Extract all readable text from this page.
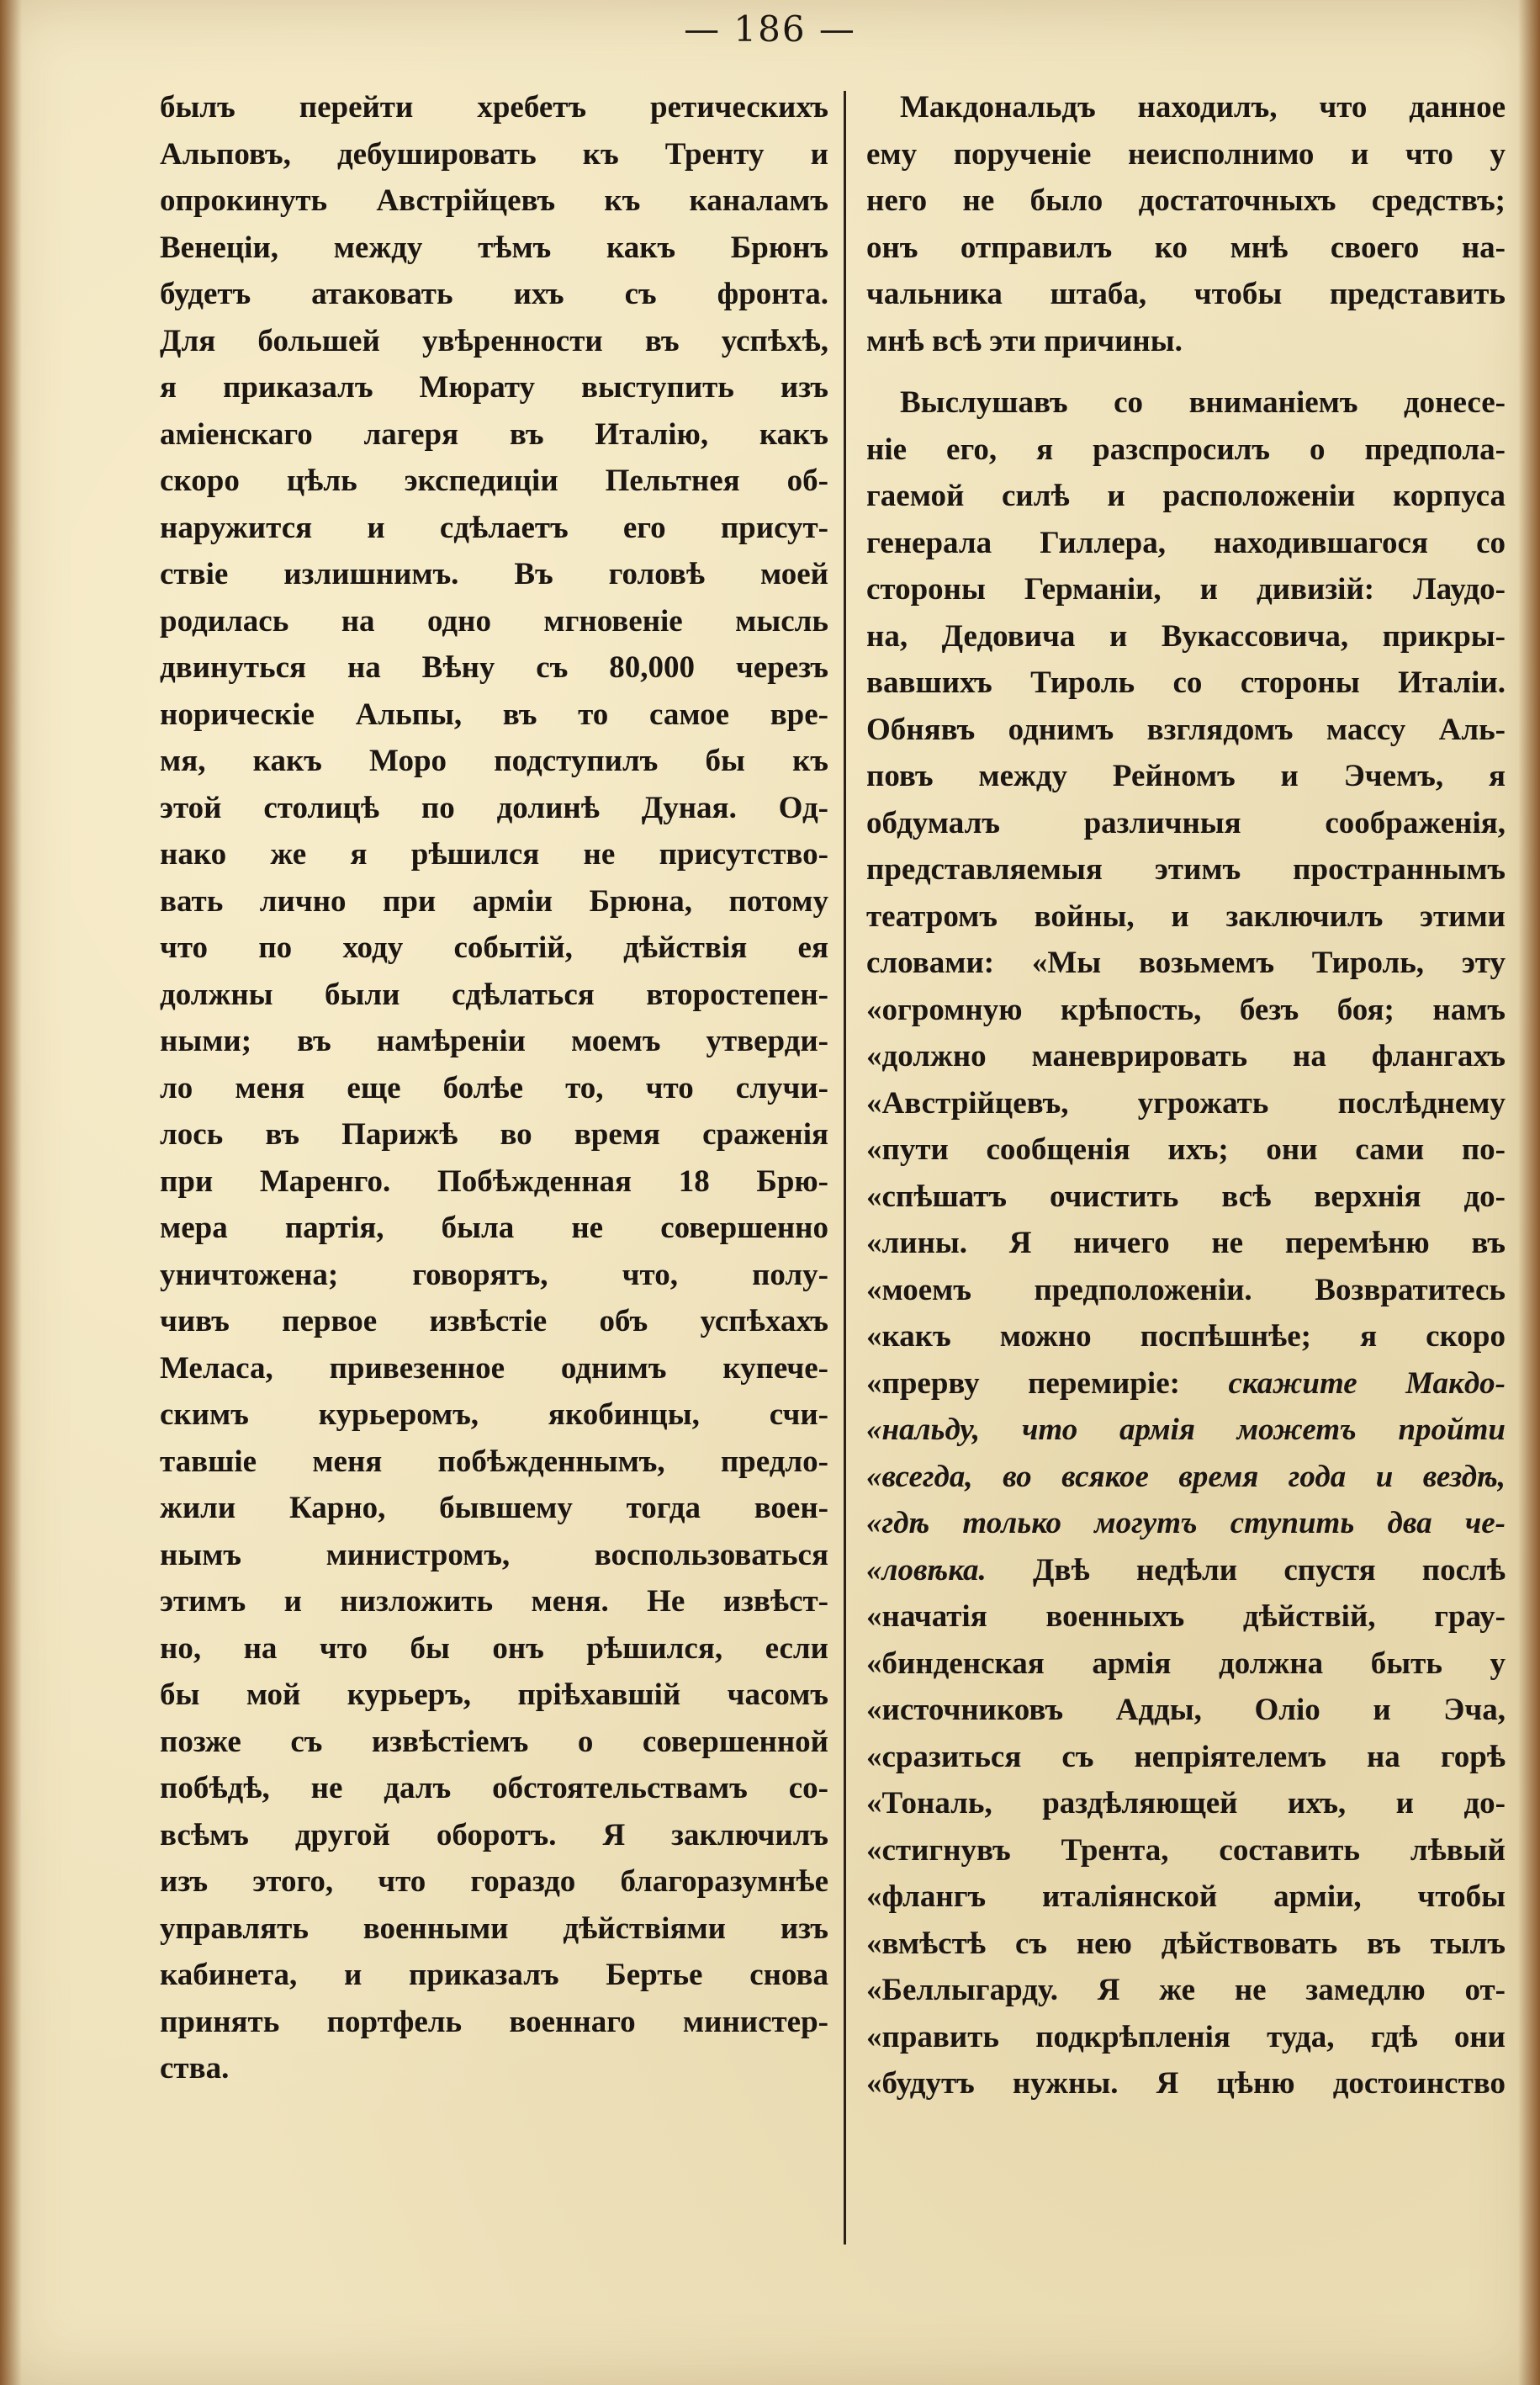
— 186 —
былъ перейти хребетъ ретическихъ
Альповъ, дебушировать къ Тренту и
опрокинуть Австрійцевъ къ каналамъ
Венеціи, между тѣмъ какъ Брюнъ
будетъ атаковать ихъ съ фронта.
Для большей увѣренности въ успѣхѣ,
я приказалъ Мюрату выступить изъ
аміенскаго лагеря въ Италію, какъ
скоро цѣль экспедиціи Пельтнея об-
наружится и сдѣлаетъ его присут-
ствіе излишнимъ. Въ головѣ моей
родилась на одно мгновеніе мысль
двинуться на Вѣну съ 80,000 черезъ
норическіе Альпы, въ то самое вре-
мя, какъ Моро подступилъ бы къ
этой столицѣ по долинѣ Дуная. Од-
нако же я рѣшился не присутство-
вать лично при арміи Брюна, потому
что по ходу событій, дѣйствія ея
должны были сдѣлаться второстепен-
ными; въ намѣреніи моемъ утверди-
ло меня еще болѣе то, что случи-
лось въ Парижѣ во время сраженія
при Маренго. Побѣжденная 18 Брю-
мера партія, была не совершенно
уничтожена; говорятъ, что, полу-
чивъ первое извѣстіе объ успѣхахъ
Меласа, привезенное однимъ купече-
скимъ курьеромъ, якобинцы, счи-
тавшіе меня побѣжденнымъ, предло-
жили Карно, бывшему тогда воен-
нымъ министромъ, воспользоваться
этимъ и низложить меня. Не извѣст-
но, на что бы онъ рѣшился, если
бы мой курьеръ, пріѣхавшій часомъ
позже съ извѣстіемъ о совершенной
побѣдѣ, не далъ обстоятельствамъ со-
всѣмъ другой оборотъ. Я заключилъ
изъ этого, что гораздо благоразумнѣе
управлять военными дѣйствіями изъ
кабинета, и приказалъ Бертье снова
принять портфель военнаго министер-
ства.
Макдональдъ находилъ, что данное
ему порученіе неисполнимо и что у
него не было достаточныхъ средствъ;
онъ отправилъ ко мнѣ своего на-
чальника штаба, чтобы представить
мнѣ всѣ эти причины.
Выслушавъ со вниманіемъ донесе-
ніе его, я разспросилъ о предпола-
гаемой силѣ и расположеніи корпуса
генерала Гиллера, находившагося со
стороны Германіи, и дивизій: Лаудо-
на, Дедовича и Вукассовича, прикры-
вавшихъ Тироль со стороны Италіи.
Обнявъ однимъ взглядомъ массу Аль-
повъ между Рейномъ и Эчемъ, я
обдумалъ различныя соображенія,
представляемыя этимъ пространнымъ
театромъ войны, и заключилъ этими
словами: «Мы возьмемъ Тироль, эту
«огромную крѣпость, безъ боя; намъ
«должно маневрировать на флангахъ
«Австрійцевъ, угрожать послѣднему
«пути сообщенія ихъ; они сами по-
«спѣшатъ очистить всѣ верхнія до-
«лины. Я ничего не перемѣню въ
«моемъ предположеніи. Возвратитесь
«какъ можно поспѣшнѣе; я скоро
«прерву перемиріе: скажите Макдо-
«нальду, что армія можетъ пройти
«всегда, во всякое время года и вездѣ,
«гдѣ только могутъ ступить два че-
«ловѣка. Двѣ недѣли спустя послѣ
«начатія военныхъ дѣйствій, грау-
«бинденская армія должна быть у
«источниковъ Адды, Оліо и Эча,
«сразиться съ непріятелемъ на горѣ
«Тональ, раздѣляющей ихъ, и до-
«стигнувъ Трента, составить лѣвый
«флангъ италіянской арміи, чтобы
«вмѣстѣ съ нею дѣйствовать въ тылъ
«Беллыгарду. Я же не замедлю от-
«править подкрѣпленія туда, гдѣ они
«будутъ нужны. Я цѣню достоинство
